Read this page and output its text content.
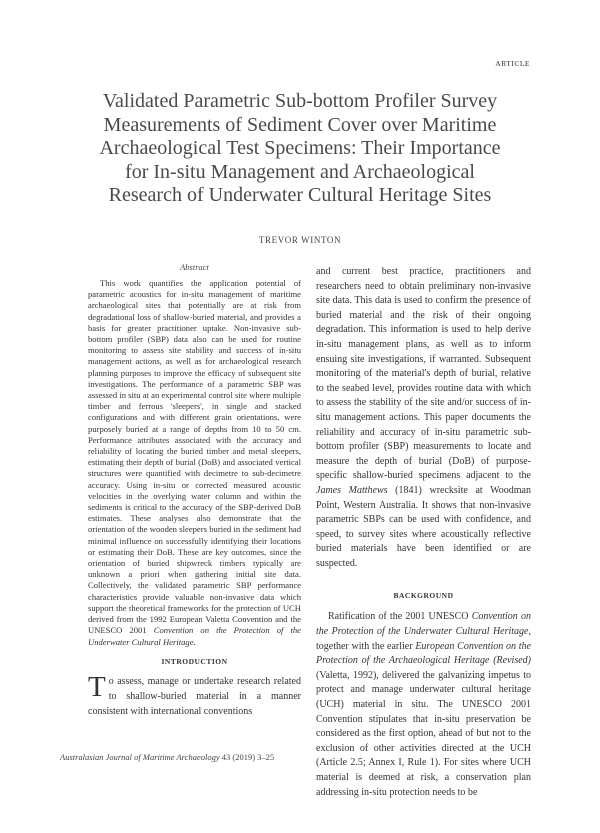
ARTICLE
Validated Parametric Sub-bottom Profiler Survey
Measurements of Sediment Cover over Maritime
Archaeological Test Specimens: Their Importance
for In-situ Management and Archaeological
Research of Underwater Cultural Heritage Sites
TREVOR WINTON
Abstract
This work quantifies the application potential of parametric acoustics for in-situ management of maritime archaeological sites that potentially are at risk from degradational loss of shallow-buried material, and provides a basis for greater practitioner uptake. Non-invasive sub-bottom profiler (SBP) data also can be used for routine monitoring to assess site stability and success of in-situ management actions, as well as for archaeological research planning purposes to improve the efficacy of subsequent site investigations. The performance of a parametric SBP was assessed in situ at an experimental control site where multiple timber and ferrous 'sleepers', in single and stacked configurations and with different grain orientations, were purposely buried at a range of depths from 10 to 50 cm. Performance attributes associated with the accuracy and reliability of locating the buried timber and metal sleepers, estimating their depth of burial (DoB) and associated vertical structures were quantified with decimetre to sub-decimetre accuracy. Using in-situ or corrected measured acoustic velocities in the overlying water column and within the sediments is critical to the accuracy of the SBP-derived DoB estimates. These analyses also demonstrate that the orientation of the wooden sleepers buried in the sediment had minimal influence on successfully identifying their locations or estimating their DoB. These are key outcomes, since the orientation of buried shipwreck timbers typically are unknown a priori when gathering initial site data. Collectively, the validated parametric SBP performance characteristics provide valuable non-invasive data which support the theoretical frameworks for the protection of UCH derived from the 1992 European Valetta Convention and the UNESCO 2001 Convention on the Protection of the Underwater Cultural Heritage.
INTRODUCTION
To assess, manage or undertake research related to shallow-buried material in a manner consistent with international conventions
and current best practice, practitioners and researchers need to obtain preliminary non-invasive site data. This data is used to confirm the presence of buried material and the risk of their ongoing degradation. This information is used to help derive in-situ management plans, as well as to inform ensuing site investigations, if warranted. Subsequent monitoring of the material's depth of burial, relative to the seabed level, provides routine data with which to assess the stability of the site and/or success of in-situ management actions. This paper documents the reliability and accuracy of in-situ parametric sub-bottom profiler (SBP) measurements to locate and measure the depth of burial (DoB) of purpose-specific shallow-buried specimens adjacent to the James Matthews (1841) wrecksite at Woodman Point, Western Australia. It shows that non-invasive parametric SBPs can be used with confidence, and speed, to survey sites where acoustically reflective buried materials have been identified or are suspected.
BACKGROUND
Ratification of the 2001 UNESCO Convention on the Protection of the Underwater Cultural Heritage, together with the earlier European Convention on the Protection of the Archaeological Heritage (Revised) (Valetta, 1992), delivered the galvanizing impetus to protect and manage underwater cultural heritage (UCH) material in situ. The UNESCO 2001 Convention stipulates that in-situ preservation be considered as the first option, ahead of but not to the exclusion of other activities directed at the UCH (Article 2.5; Annex I, Rule 1). For sites where UCH material is deemed at risk, a conservation plan addressing in-situ protection needs to be
Australasian Journal of Maritime Archaeology 43 (2019) 3–25
